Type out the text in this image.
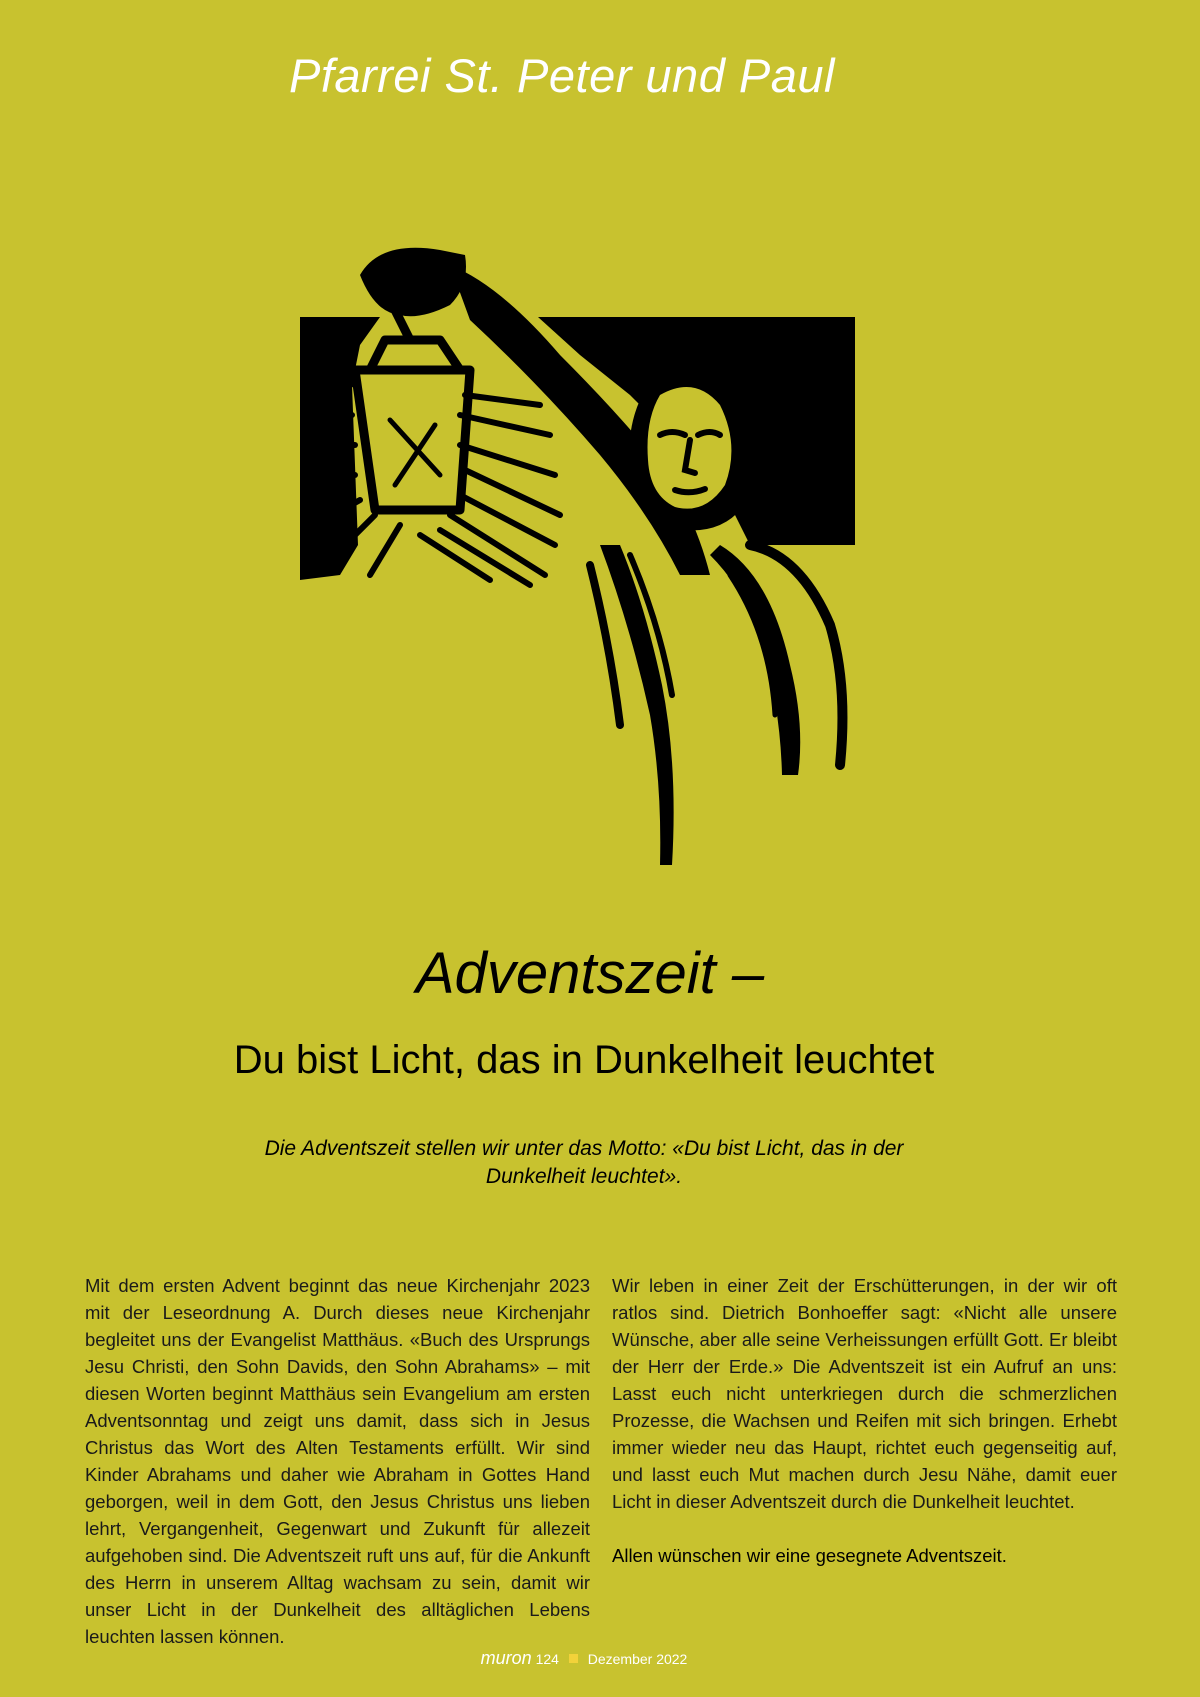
Pfarrei St. Peter und Paul
Adventszeit –
Du bist Licht, das in Dunkelheit leuchtet
Die Adventszeit stellen wir unter das Motto: «Du bist Licht, das in der Dunkelheit leuchtet».
Mit dem ersten Advent beginnt das neue Kirchenjahr 2023 mit der Leseordnung A. Durch dieses neue Kirchenjahr begleitet uns der Evangelist Matthäus. «Buch des Ursprungs Jesu Christi, den Sohn Davids, den Sohn Abrahams» – mit diesen Worten beginnt Matthäus sein Evangelium am ersten Adventsonntag und zeigt uns damit, dass sich in Jesus Christus das Wort des Alten Testaments erfüllt. Wir sind Kinder Abrahams und daher wie Abraham in Gottes Hand geborgen, weil in dem Gott, den Jesus Christus uns lieben lehrt, Vergangenheit, Gegenwart und Zukunft für allezeit aufgehoben sind. Die Adventszeit ruft uns auf, für die Ankunft des Herrn in unserem Alltag wachsam zu sein, damit wir unser Licht in der Dunkelheit des alltäglichen Lebens leuchten lassen können.
Wir leben in einer Zeit der Erschütterungen, in der wir oft ratlos sind. Dietrich Bonhoeffer sagt: «Nicht alle unsere Wünsche, aber alle seine Verheissungen erfüllt Gott. Er bleibt der Herr der Erde.» Die Adventszeit ist ein Aufruf an uns: Lasst euch nicht unterkriegen durch die schmerzlichen Prozesse, die Wachsen und Reifen mit sich bringen. Erhebt immer wieder neu das Haupt, richtet euch gegenseitig auf, und lasst euch Mut machen durch Jesu Nähe, damit euer Licht in dieser Adventszeit durch die Dunkelheit leuchtet.
Allen wünschen wir eine gesegnete Adventszeit.
muron 124 Dezember 2022
